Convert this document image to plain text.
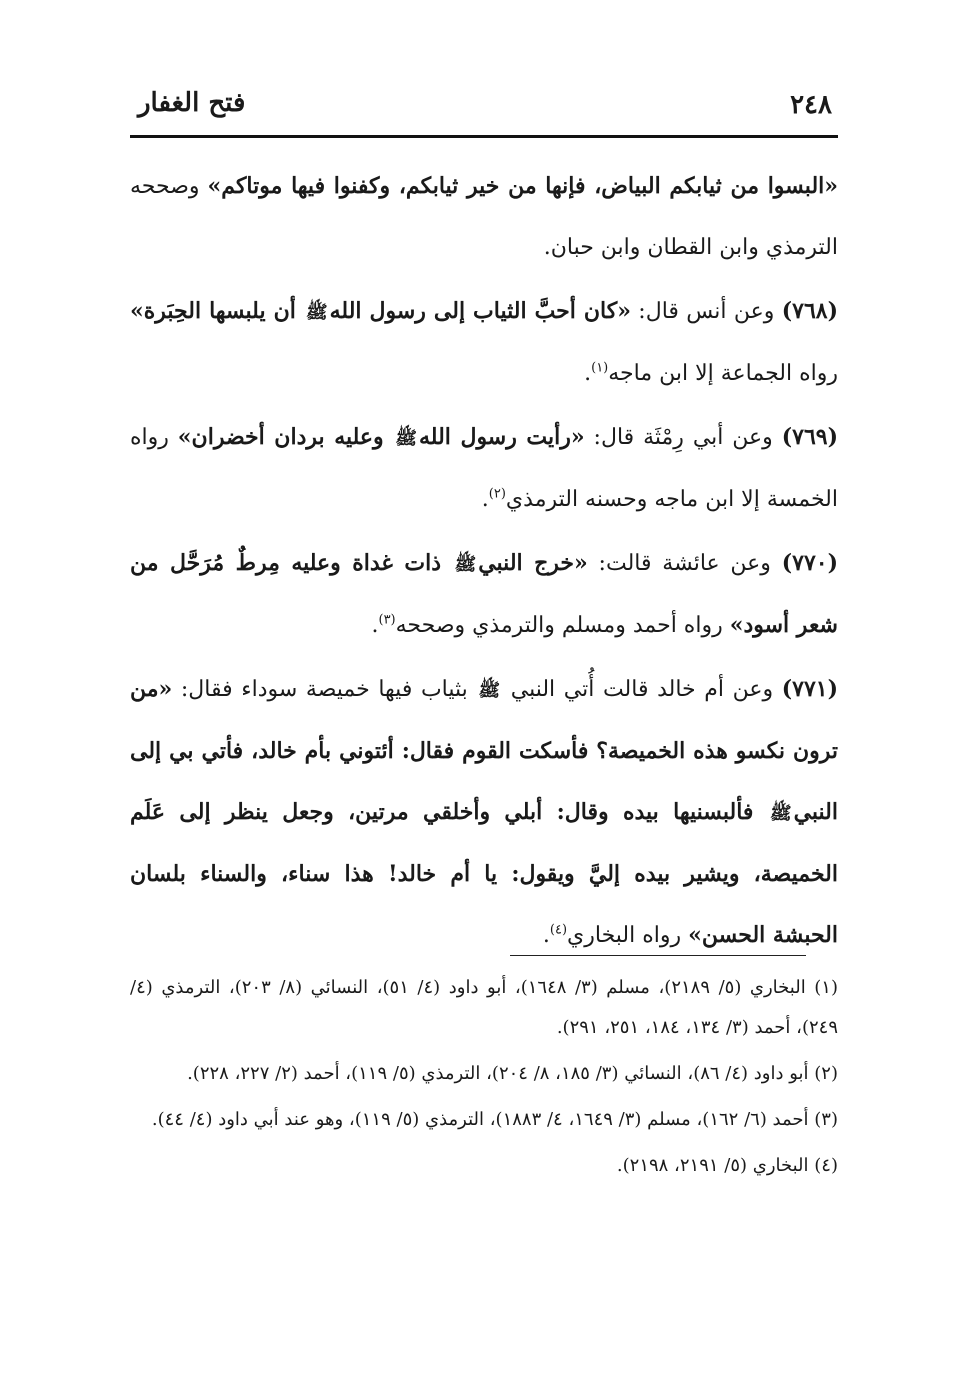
فتح الغفار	٢٤٨

«البسوا من ثيابكم البياض، فإنها من خير ثيابكم، وكفنوا فيها موتاكم» وصححه الترمذي وابن القطان وابن حبان.

(٧٦٨) وعن أنس قال: «كان أحبَّ الثياب إلى رسول اللهﷺ أن يلبسها الحِبَرة» رواه الجماعة إلا ابن ماجه$^{(١)}$.

(٧٦٩) وعن أبي رِمْثَة قال: «رأيت رسول اللهﷺ وعليه بردان أخضران» رواه الخمسة إلا ابن ماجه وحسنه الترمذي$^{(٢)}$.

(٧٧٠) وعن عائشة قالت: «خرج النبيﷺ ذات غداة وعليه مِرطٌ مُرَحَّل من شعر أسود» رواه أحمد ومسلم والترمذي وصححه$^{(٣)}$.

(٧٧١) وعن أم خالد قالت أُتي النبي ﷺ بثياب فيها خميصة سوداء فقال: «من ترون نكسو هذه الخميصة؟ فأسكت القوم فقال: أئتوني بأم خالد، فأتي بي إلى النبيﷺ فألبسنيها بيده وقال: أبلي وأخلقي مرتين، وجعل ينظر إلى عَلَم الخميصة، ويشير بيده إليَّ ويقول: يا أم خالد! هذا سناء، والسناء بلسان الحبشة الحسن» رواه البخاري$^{(٤)}$.

(١) البخاري (٥/ ٢١٨٩)، مسلم (٣/ ١٦٤٨)، أبو داود (٤/ ٥١)، النسائي (٨/ ٢٠٣)، الترمذي (٤/ ٢٤٩)، أحمد (٣/ ١٣٤، ١٨٤، ٢٥١، ٢٩١).

(٢) أبو داود (٤/ ٨٦)، النسائي (٣/ ١٨٥، ٨/ ٢٠٤)، الترمذي (٥/ ١١٩)، أحمد (٢/ ٢٢٧، ٢٢٨).

(٣) أحمد (٦/ ١٦٢)، مسلم (٣/ ١٦٤٩، ٤/ ١٨٨٣)، الترمذي (٥/ ١١٩)، وهو عند أبي داود (٤/ ٤٤).

(٤) البخاري (٥/ ٢١٩١، ٢١٩٨).
